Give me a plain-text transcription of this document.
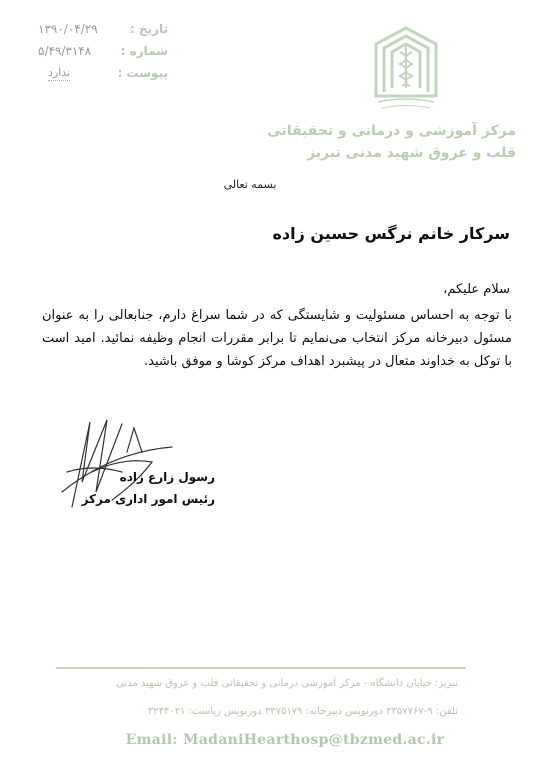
۱۳۹۰/۰۴/۲۹	تاریخ :
۵/۴۹/۳۱۴۸ شماره :
ندارد	پیوست :
مرکز آموزشی و درمانی و تحقیقاتی
قلب و عروق شهید مدنی تبریز
بسمه تعالی
سرکار خانم نرگس حسین زاده
سلام علیکم،
با توجه به احساس مسئولیت و شایستگی که در شما سراغ دارم، جنابعالی را به عنوان مسئول دبیرخانه مرکز انتخاب می‌نمایم تا برابر مقررات انجام وظیفه نمائید. امید است با توکل به خداوند متعال در پیشبرد اهداف مرکز کوشا و موفق باشید.
رسول زارع زاده
رئیس امور اداری مرکز
تبریز: خیابان دانشگاه - مرکز آموزشی درمانی و تحقیقاتی قلب و عروق شهید مدنی
تلفن: ۹-۳۳۵۷۷۶۷ دورنویس دبیرخانه: ۳۳۷۵۱۷۹ دورنویس ریاست: ۳۳۴۴۰۲۱
Email: MadaniHearthosp@tbzmed.ac.ir
